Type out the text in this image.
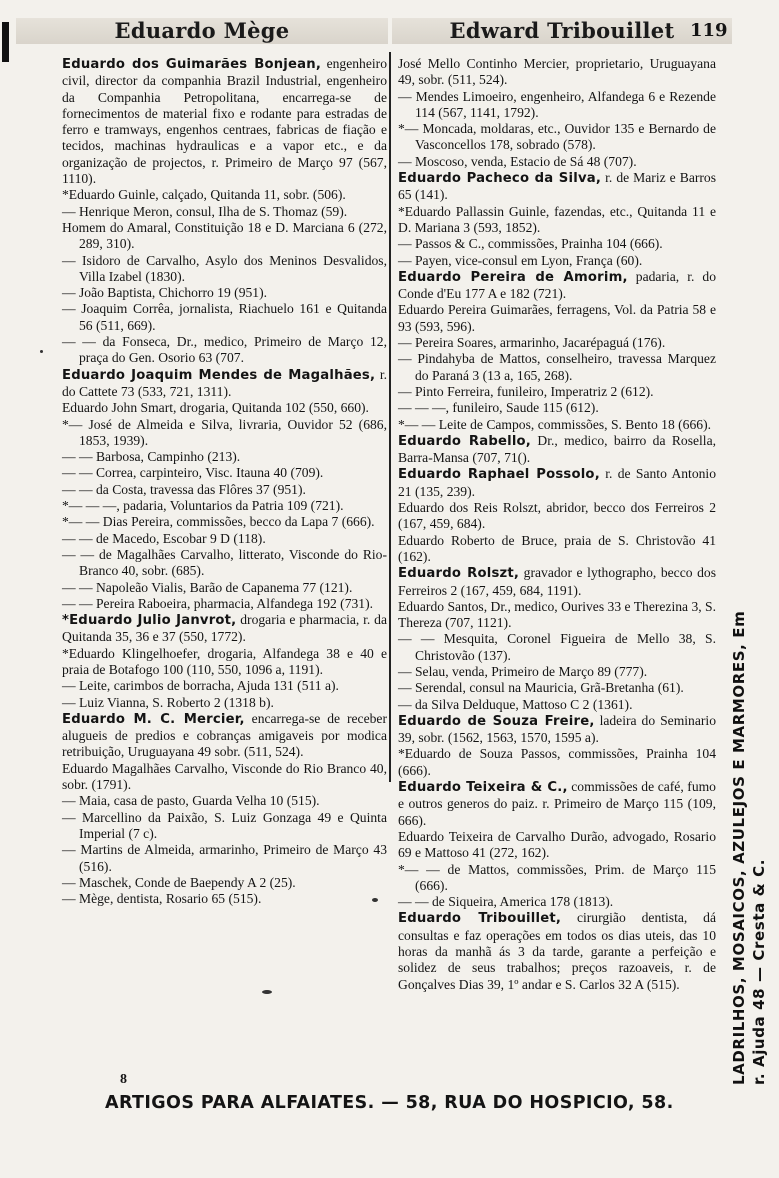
Eduardo Mège	Edward Tribouillet 119

Eduardo dos Guimarães Bonjean, engenheiro civil, director da companhia Brazil Industrial, engenheiro da Companhia Petropolitana, encarrega-se de fornecimentos de material fixo e rodante para estradas de ferro e tramways, engenhos centraes, fabricas de fiação e tecidos, machinas hydraulicas e a vapor etc., e da organização de projectos, r. Primeiro de Março 97 (567, 1110).

*Eduardo Guinle, calçado, Quitanda 11, sobr. (506).

— Henrique Meron, consul, Ilha de S. Thomaz (59).

Homem do Amaral, Constituição 18 e D. Marciana 6 (272, 289, 310).

— Isidoro de Carvalho, Asylo dos Meninos Desvalidos, Villa Izabel (1830).

— João Baptista, Chichorro 19 (951).

— Joaquim Corrêa, jornalista, Riachuelo 161 e Quitanda 56 (511, 669).

— — da Fonseca, Dr., medico, Primeiro de Março 12, praça do Gen. Osorio 63 (707.

Eduardo Joaquim Mendes de Magalhães, r. do Cattete 73 (533, 721, 1311).

Eduardo John Smart, drogaria, Quitanda 102 (550, 660).

*— José de Almeida e Silva, livraria, Ouvidor 52 (686, 1853, 1939).

— — Barbosa, Campinho (213).

— — Correa, carpinteiro, Visc. Itauna 40 (709).

— — da Costa, travessa das Flôres 37 (951).

*— — —, padaria, Voluntarios da Patria 109 (721).

*— — Dias Pereira, commissões, becco da Lapa 7 (666).

— — de Macedo, Escobar 9 D (118).

— — de Magalhães Carvalho, litterato, Visconde do Rio-Branco 40, sobr. (685).

— — Napoleão Vialis, Barão de Capanema 77 (121).

— — Pereira Raboeira, pharmacia, Alfandega 192 (731).

*Eduardo Julio Janvrot, drogaria e pharmacia, r. da Quitanda 35, 36 e 37 (550, 1772).

*Eduardo Klingelhoefer, drogaria, Alfandega 38 e 40 e praia de Botafogo 100 (110, 550, 1096 a, 1191).

— Leite, carimbos de borracha, Ajuda 131 (511 a).

— Luiz Vianna, S. Roberto 2 (1318 b).

Eduardo M. C. Mercier, encarrega-se de receber alugueis de predios e cobranças amigaveis por modica retribuição, Uruguayana 49 sobr. (511, 524).

Eduardo Magalhães Carvalho, Visconde do Rio Branco 40, sobr. (1791).

— Maia, casa de pasto, Guarda Velha 10 (515).

— Marcellino da Paixão, S. Luiz Gonzaga 49 e Quinta Imperial (7 c).

— Martins de Almeida, armarinho, Primeiro de Março 43 (516).

— Maschek, Conde de Baependy A 2 (25).

— Mège, dentista, Rosario 65 (515).

José Mello Continho Mercier, proprietario, Uruguayana 49, sobr. (511, 524).

— Mendes Limoeiro, engenheiro, Alfandega 6 e Rezende 114 (567, 1141, 1792).

*— Moncada, moldaras, etc., Ouvidor 135 e Bernardo de Vasconcellos 178, sobrado (578).

— Moscoso, venda, Estacio de Sá 48 (707).

Eduardo Pacheco da Silva, r. de Mariz e Barros 65 (141).

*Eduardo Pallassin Guinle, fazendas, etc., Quitanda 11 e D. Mariana 3 (593, 1852).

— Passos & C., commissões, Prainha 104 (666).

— Payen, vice-consul em Lyon, França (60).

Eduardo Pereira de Amorim, padaria, r. do Conde d'Eu 177 A e 182 (721).

Eduardo Pereira Guimarães, ferragens, Vol. da Patria 58 e 93 (593, 596).

— Pereira Soares, armarinho, Jacarépaguá (176).

— Pindahyba de Mattos, conselheiro, travessa Marquez do Paraná 3 (13 a, 165, 268).

— Pinto Ferreira, funileiro, Imperatriz 2 (612).

— — —, funileiro, Saude 115 (612).

*— — Leite de Campos, commissões, S. Bento 18 (666).

Eduardo Rabello, Dr., medico, bairro da Rosella, Barra-Mansa (707, 71().

Eduardo Raphael Possolo, r. de Santo Antonio 21 (135, 239).

Eduardo dos Reis Rolszt, abridor, becco dos Ferreiros 2 (167, 459, 684).

Eduardo Roberto de Bruce, praia de S. Christovão 41 (162).

Eduardo Rolszt, gravador e lythographo, becco dos Ferreiros 2 (167, 459, 684, 1191).

Eduardo Santos, Dr., medico, Ourives 33 e Therezina 3, S. Thereza (707, 1121).

— — Mesquita, Coronel Figueira de Mello 38, S. Christovão (137).

— Selau, venda, Primeiro de Março 89 (777).

— Serendal, consul na Mauricia, Grã-Bretanha (61).

— da Silva Delduque, Mattoso C 2 (1361).

Eduardo de Souza Freire, ladeira do Seminario 39, sobr. (1562, 1563, 1570, 1595 a).

*Eduardo de Souza Passos, commissões, Prainha 104 (666).

Eduardo Teixeira & C., commissões de café, fumo e outros generos do paiz. r. Primeiro de Março 115 (109, 666).

Eduardo Teixeira de Carvalho Durão, advogado, Rosario 69 e Mattoso 41 (272, 162).

*— — de Mattos, commissões, Prim. de Março 115 (666).

— — de Siqueira, America 178 (1813).

Eduardo Tribouillet, cirurgião dentista, dá consultas e faz operações em todos os dias uteis, das 10 horas da manhã ás 3 da tarde, garante a perfeição e solidez de seus trabalhos; preços razoaveis, r. de Gonçalves Dias 39, 1º andar e S. Carlos 32 A (515).

8
ARTIGOS PARA ALFAIATES. — 58, RUA DO HOSPICIO, 58.
LADRILHOS, MOSAICOS, AZULEJOS E MARMORES, Em r. Ajuda 48 — Cresta & C.
